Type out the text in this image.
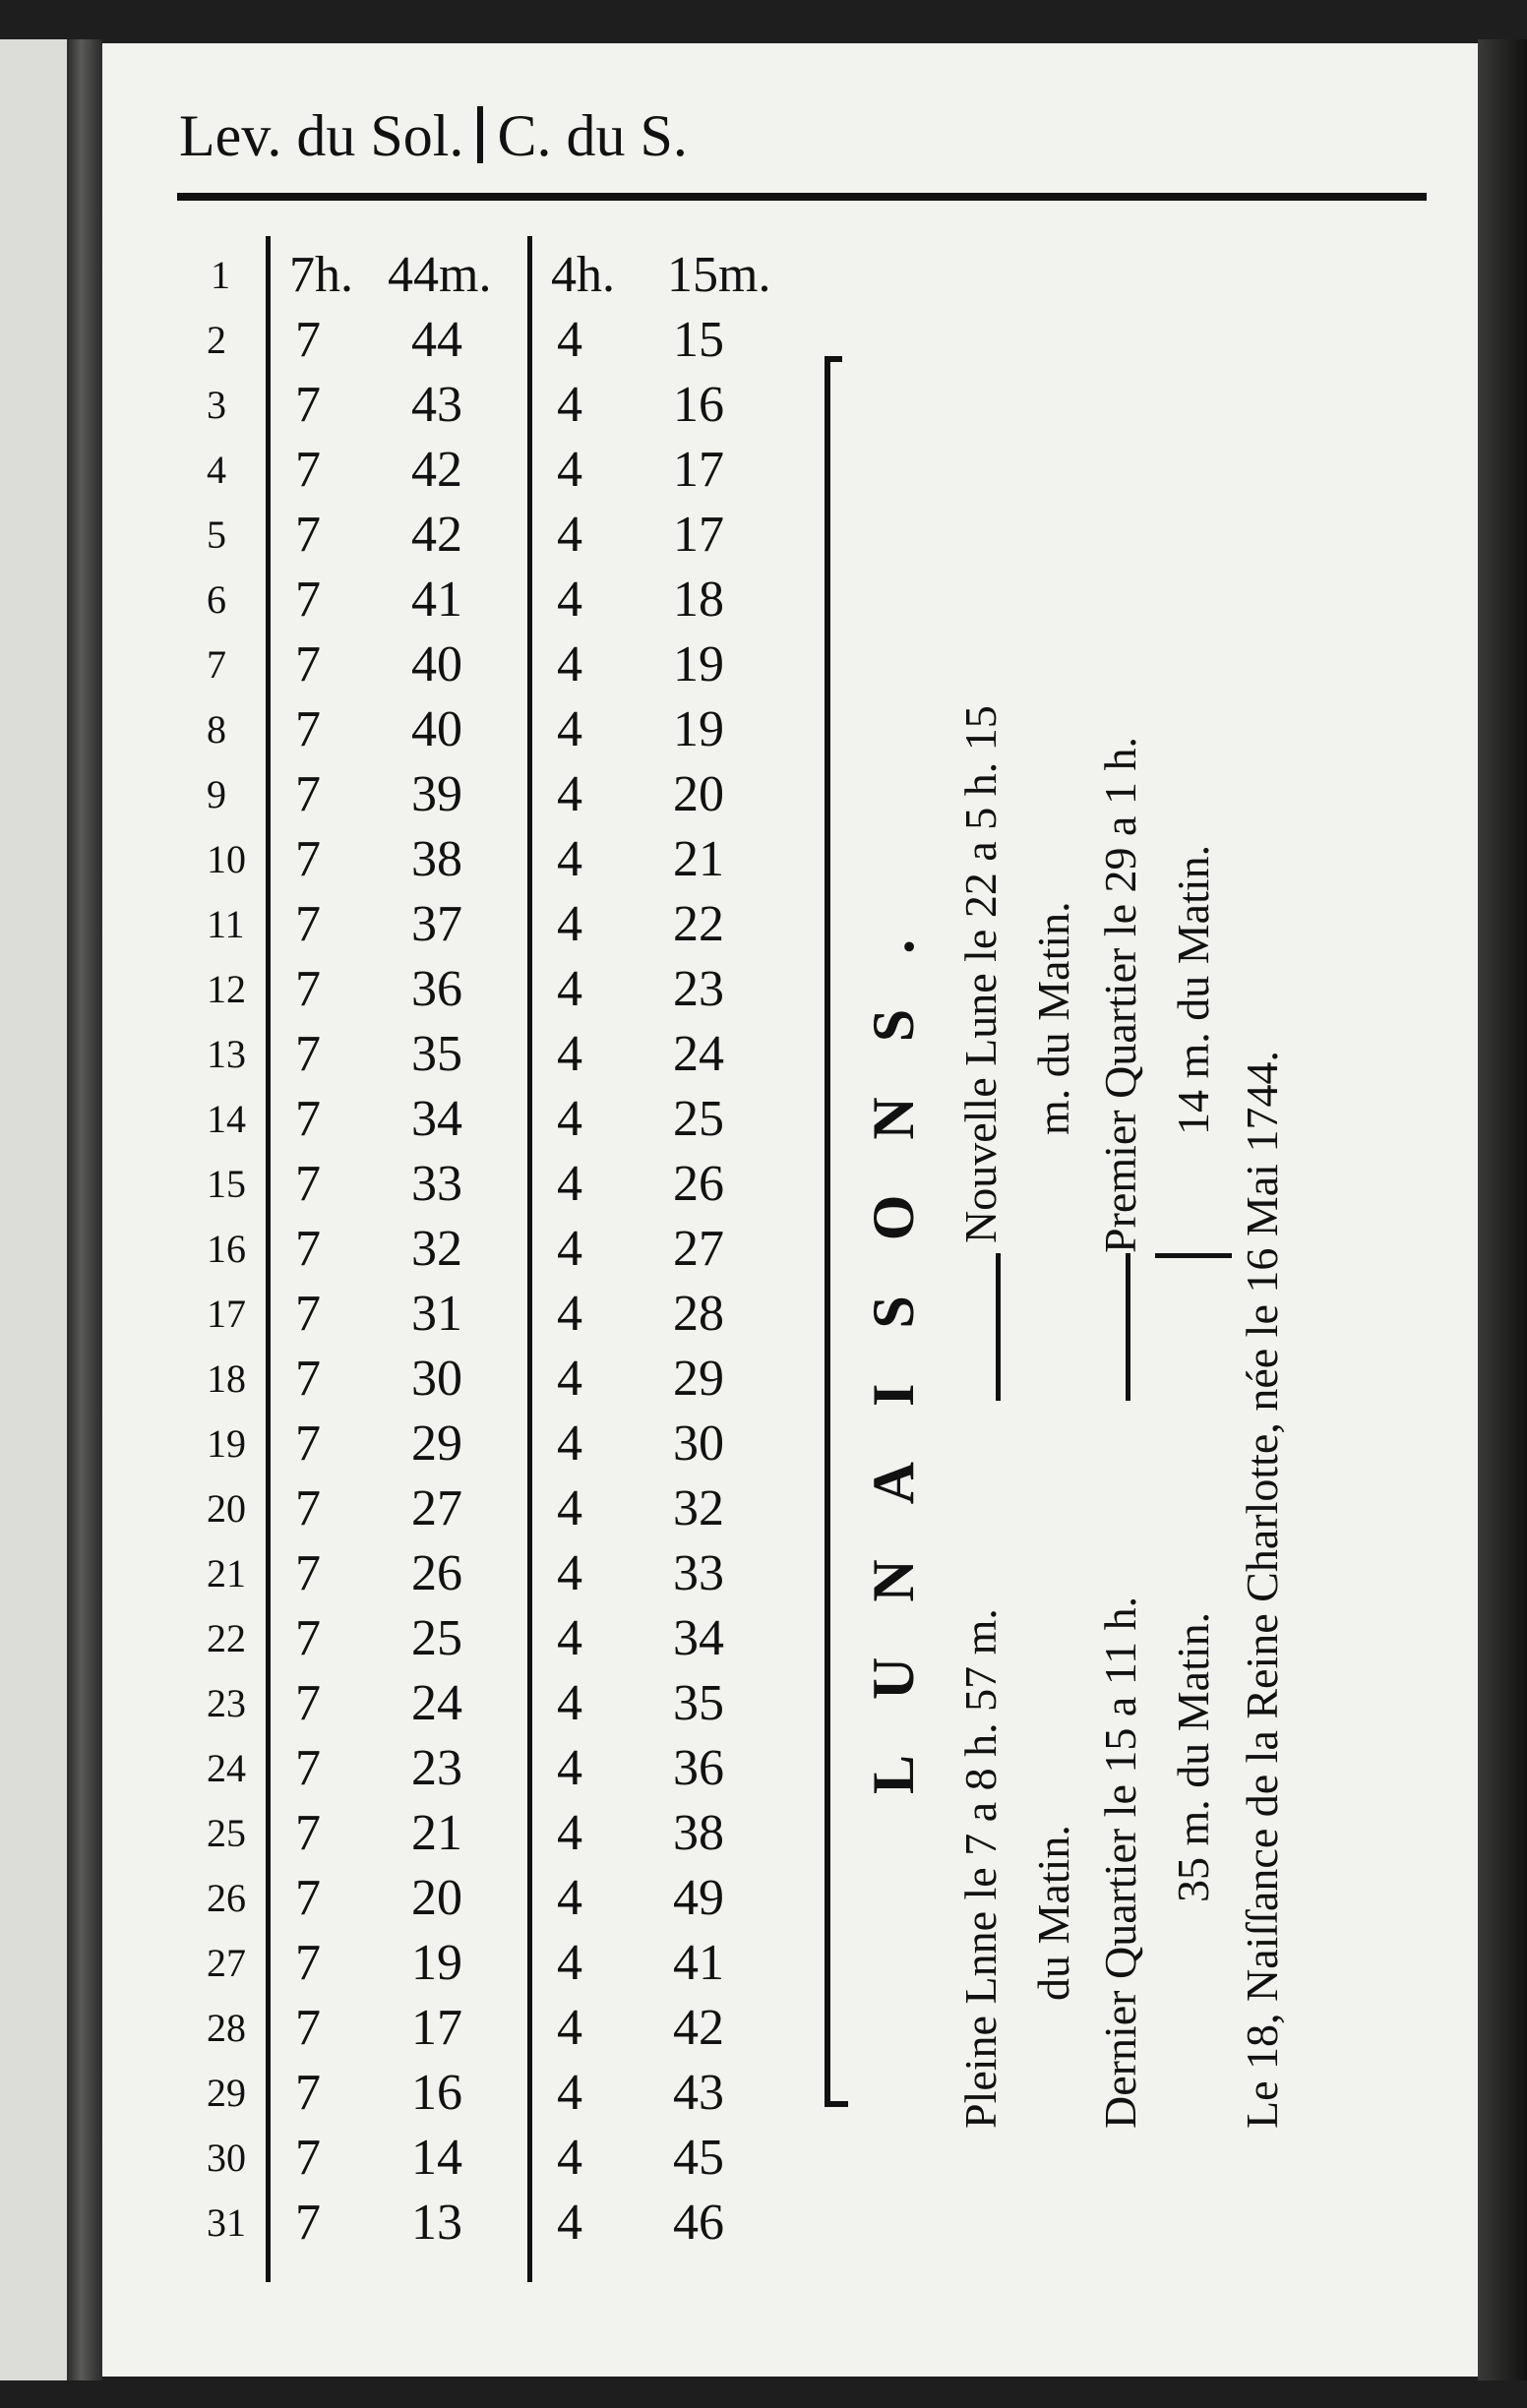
Lev. du Sol. C. du S.
1 7h. 44m. 4h. 15m.
2 7 44 4 15
3 7 43 4 16
4 7 42 4 17
5 7 42 4 17
6 7 41 4 18
7 7 40 4 19
8 7 40 4 19
9 7 39 4 20
10 7 38 4 21
11 7 37 4 22
12 7 36 4 23
13 7 35 4 24
14 7 34 4 25
15 7 33 4 26
16 7 32 4 27
17 7 31 4 28
18 7 30 4 29
19 7 29 4 30
20 7 27 4 32
21 7 26 4 33
22 7 25 4 34
23 7 24 4 35
24 7 23 4 36
25 7 21 4 38
26 7 20 4 49
27 7 19 4 41
28 7 17 4 42
29 7 16 4 43
30 7 14 4 45
31 7 13 4 46
LUNAISONS.
Pleine Lnne le 7 a 8 h. 57 m. du Matin. Dernier Quartier le 15 a 11 h. 35 m. du Matin.
Nouvelle Lune le 22 a 5 h. 15 m. du Matin. Premier Quartier le 29 a 1 h. 14 m. du Matin.
Le 18, Naiſſance de la Reine Charlotte, née le 16 Mai 1744.
